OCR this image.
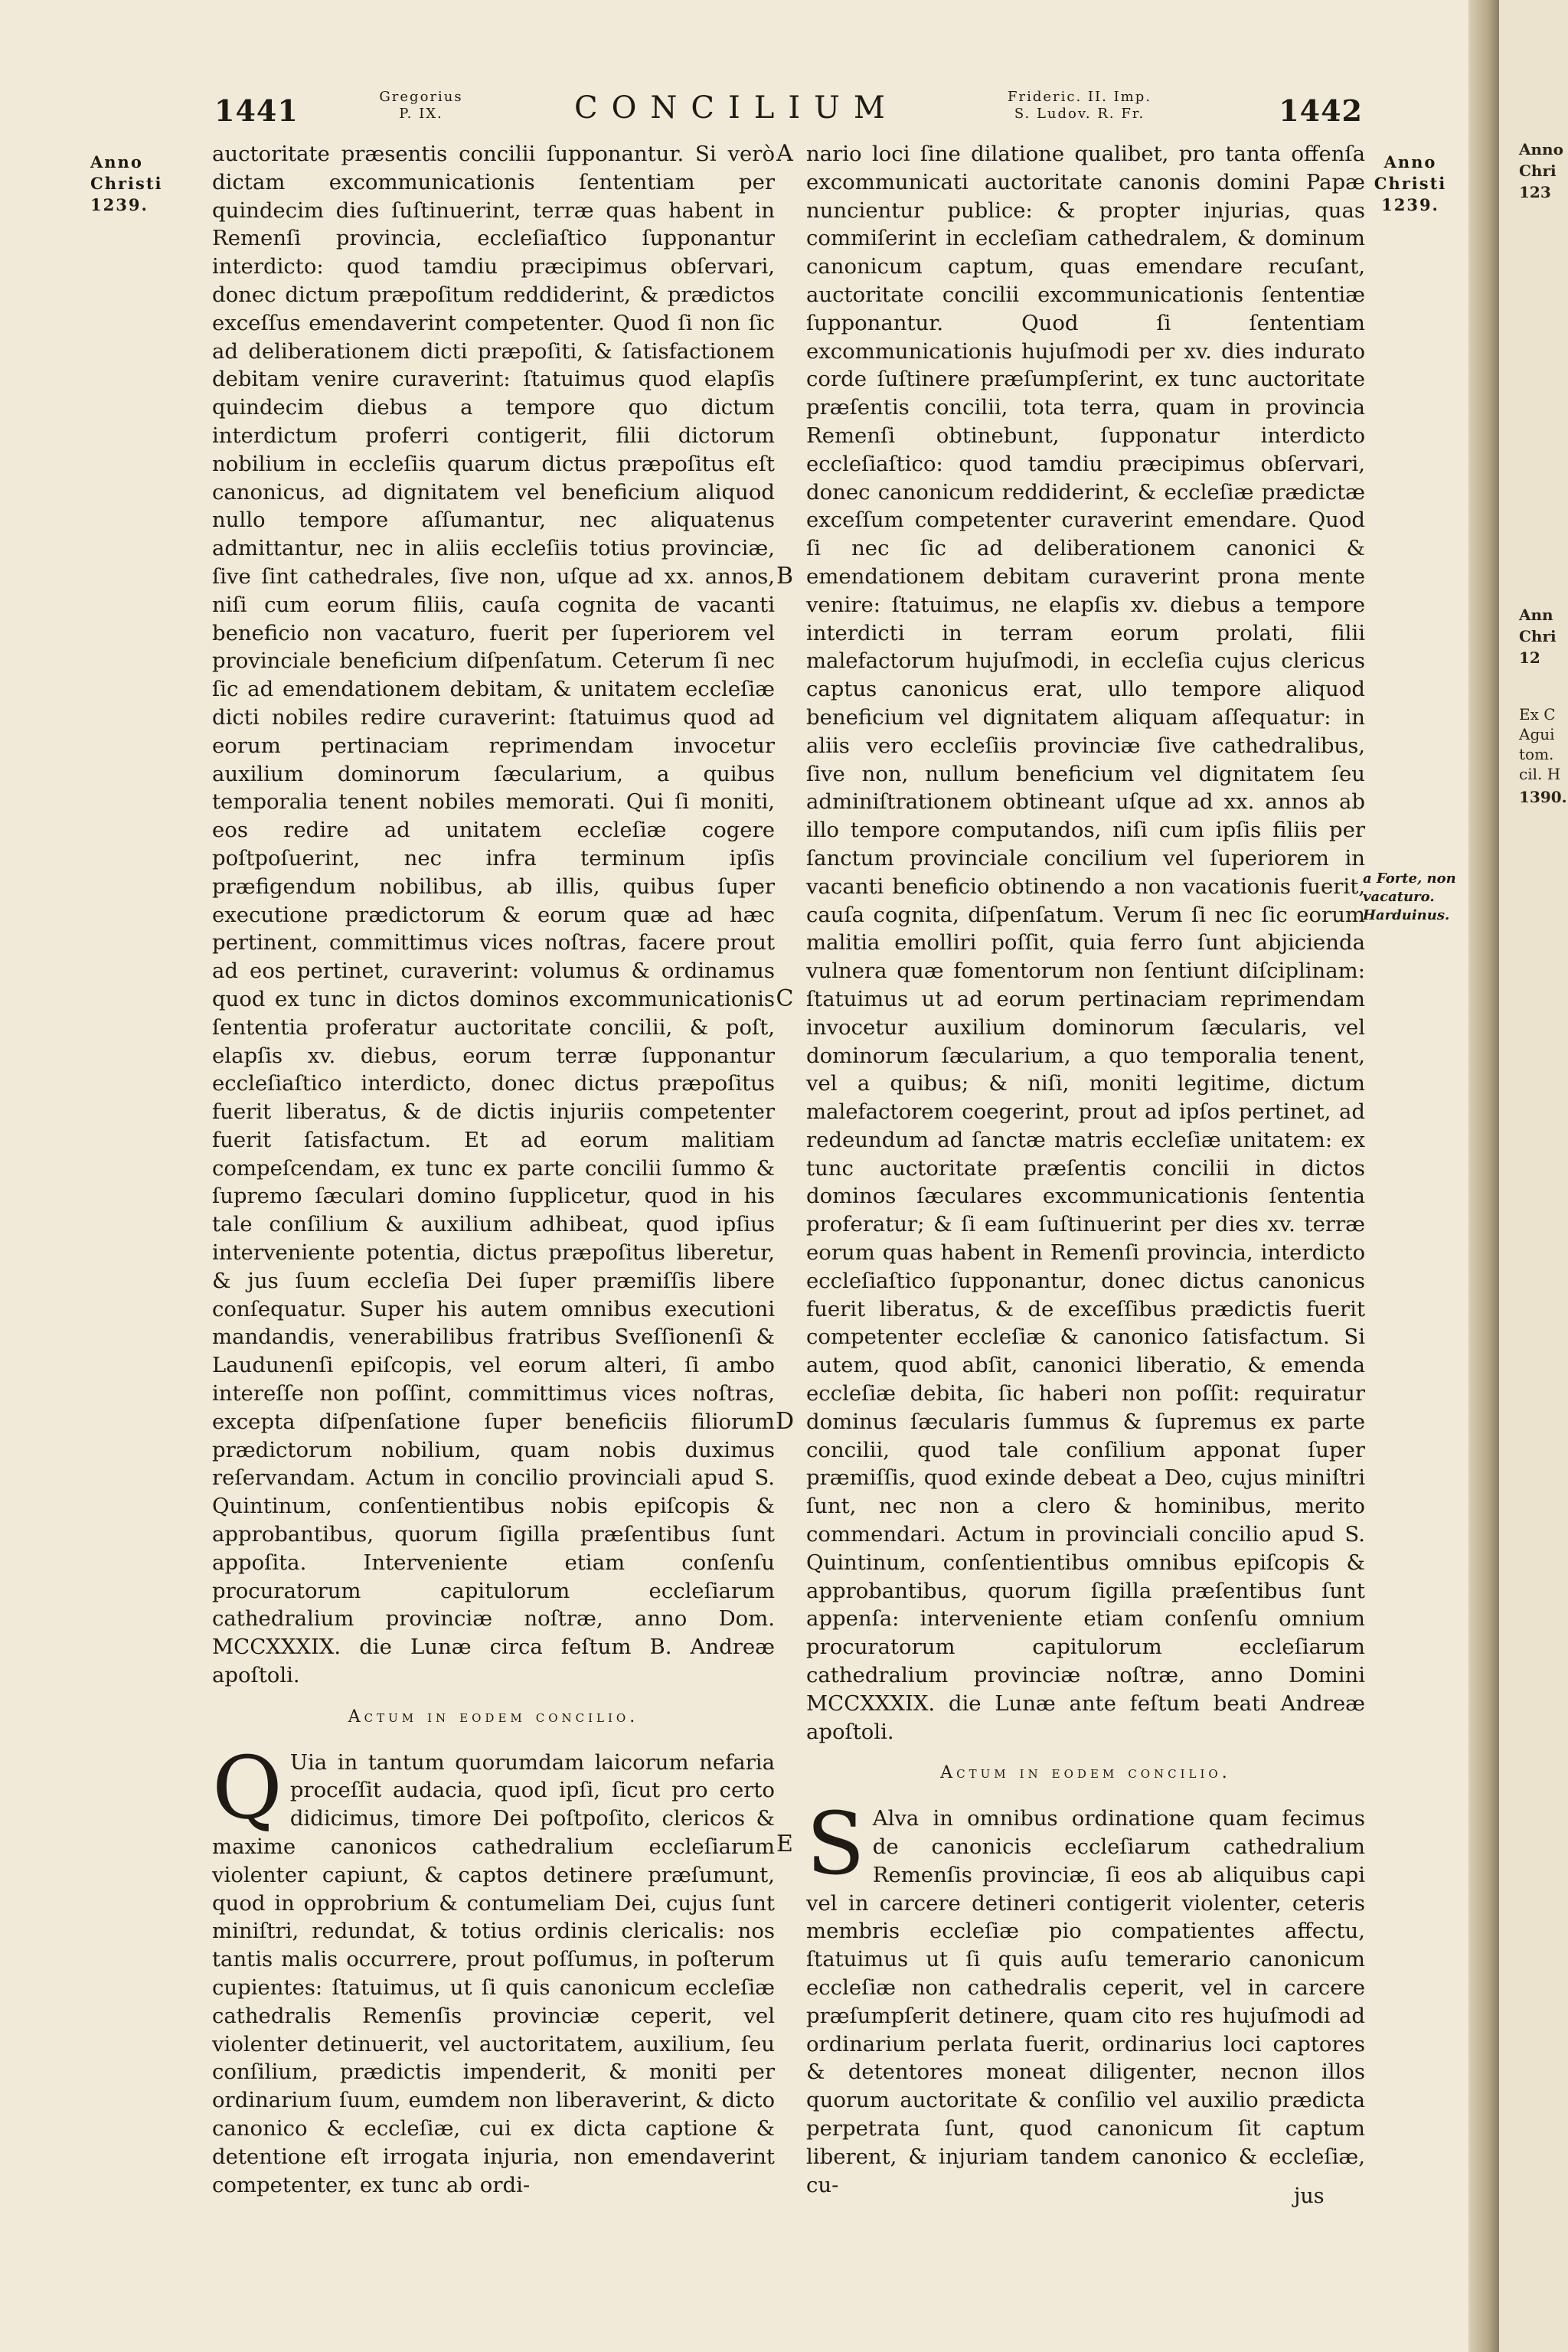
1441	Gregorius
P. IX.	CONCILIUM	Frideric. II. Imp.
S. Ludov. R. Fr.	1442
Anno
Christi
1239.
Anno
Christi
1239.
A
B
C
D
E

auctoritate præsentis concilii ſupponantur. Si verò dictam excommunicationis ſententiam per quindecim dies ſuſtinuerint, terræ quas habent in Remenſi provincia, eccleſiaſtico ſupponantur interdicto: quod tamdiu præcipimus obſervari, donec dictum præpoſitum reddiderint, & prædictos exceſſus emendaverint competenter. Quod ſi non ſic ad deliberationem dicti præpoſiti, & ſatisfactionem debitam venire curaverint: ſtatuimus quod elapſis quindecim diebus a tempore quo dictum interdictum proferri contigerit, filii dictorum nobilium in eccleſiis quarum dictus præpoſitus eſt canonicus, ad dignitatem vel beneficium aliquod nullo tempore aſſumantur, nec aliquatenus admittantur, nec in aliis eccleſiis totius provinciæ, ſive ſint cathedrales, ſive non, uſque ad xx. annos, niſi cum eorum filiis, cauſa cognita de vacanti beneficio non vacaturo, fuerit per ſuperiorem vel provinciale beneficium diſpenſatum. Ceterum ſi nec ſic ad emendationem debitam, & unitatem eccleſiæ dicti nobiles redire curaverint: ſtatuimus quod ad eorum pertinaciam reprimendam invocetur auxilium dominorum ſæcularium, a quibus temporalia tenent nobiles memorati. Qui ſi moniti, eos redire ad unitatem eccleſiæ cogere poſtpoſuerint, nec infra terminum ipſis præfigendum nobilibus, ab illis, quibus ſuper executione prædictorum & eorum quæ ad hæc pertinent, committimus vices noſtras, facere prout ad eos pertinet, curaverint: volumus & ordinamus quod ex tunc in dictos dominos excommunicationis ſententia proferatur auctoritate concilii, & poſt, elapſis xv. diebus, eorum terræ ſupponantur eccleſiaſtico interdicto, donec dictus præpoſitus fuerit liberatus, & de dictis injuriis competenter fuerit ſatisfactum. Et ad eorum malitiam compeſcendam, ex tunc ex parte concilii ſummo & ſupremo ſæculari domino ſupplicetur, quod in his tale conſilium & auxilium adhibeat, quod ipſius interveniente potentia, dictus præpoſitus liberetur, & jus ſuum eccleſia Dei ſuper præmiſſis libere conſequatur. Super his autem omnibus executioni mandandis, venerabilibus fratribus Sveſſionenſi & Laudunenſi epiſcopis, vel eorum alteri, ſi ambo intereſſe non poſſint, committimus vices noſtras, excepta diſpenſatione ſuper beneficiis filiorum prædictorum nobilium, quam nobis duximus reſervandam. Actum in concilio provinciali apud S. Quintinum, conſentientibus nobis epiſcopis & approbantibus, quorum ſigilla præſentibus ſunt appoſita. Interveniente etiam conſenſu procuratorum capitulorum eccleſiarum cathedralium provinciæ noſtræ, anno Dom. MCCXXXIX. die Lunæ circa feſtum B. Andreæ apoſtoli.

Actum in eodem concilio.

Q Uia in tantum quorumdam laicorum nefaria proceſſit audacia, quod ipſi, ſicut pro certo didicimus, timore Dei poſtpoſito, clericos & maxime canonicos cathedralium eccleſiarum violenter capiunt, & captos detinere præſumunt, quod in opprobrium & contumeliam Dei, cujus ſunt miniſtri, redundat, & totius ordinis clericalis: nos tantis malis occurrere, prout poſſumus, in poſterum cupientes: ſtatuimus, ut ſi quis canonicum eccleſiæ cathedralis Remenſis provinciæ ceperit, vel violenter detinuerit, vel auctoritatem, auxilium, ſeu conſilium, prædictis impenderit, & moniti per ordinarium ſuum, eumdem non liberaverint, & dicto canonico & eccleſiæ, cui ex dicta captione & detentione eſt irrogata injuria, non emendaverint competenter, ex tunc ab ordi-

nario loci ſine dilatione qualibet, pro tanta offenſa excommunicati auctoritate canonis domini Papæ nuncientur publice: & propter injurias, quas commiſerint in eccleſiam cathedralem, & dominum canonicum captum, quas emendare recuſant, auctoritate concilii excommunicationis ſententiæ ſupponantur. Quod ſi ſententiam excommunicationis hujuſmodi per xv. dies indurato corde ſuſtinere præſumpſerint, ex tunc auctoritate præſentis concilii, tota terra, quam in provincia Remenſi obtinebunt, ſupponatur interdicto eccleſiaſtico: quod tamdiu præcipimus obſervari, donec canonicum reddiderint, & eccleſiæ prædictæ exceſſum competenter curaverint emendare. Quod ſi nec ſic ad deliberationem canonici & emendationem debitam curaverint prona mente venire: ſtatuimus, ne elapſis xv. diebus a tempore interdicti in terram eorum prolati, filii malefactorum hujuſmodi, in eccleſia cujus clericus captus canonicus erat, ullo tempore aliquod beneficium vel dignitatem aliquam aſſequatur: in aliis vero eccleſiis provinciæ ſive cathedralibus, ſive non, nullum beneficium vel dignitatem ſeu adminiſtrationem obtineant uſque ad xx. annos ab illo tempore computandos, niſi cum ipſis filiis per ſanctum provinciale concilium vel ſuperiorem in vacanti beneficio obtinendo a non vacationis fuerit, cauſa cognita, diſpenſatum. Verum ſi nec ſic eorum malitia emolliri poſſit, quia ferro ſunt abjicienda vulnera quæ fomentorum non ſentiunt diſciplinam: ſtatuimus ut ad eorum pertinaciam reprimendam invocetur auxilium dominorum ſæcularis, vel dominorum ſæcularium, a quo temporalia tenent, vel a quibus; & niſi, moniti legitime, dictum malefactorem coegerint, prout ad ipſos pertinet, ad redeundum ad ſanctæ matris eccleſiæ unitatem: ex tunc auctoritate præſentis concilii in dictos dominos ſæculares excommunicationis ſententia proferatur; & ſi eam ſuſtinuerint per dies xv. terræ eorum quas habent in Remenſi provincia, interdicto eccleſiaſtico ſupponantur, donec dictus canonicus fuerit liberatus, & de exceſſibus prædictis fuerit competenter eccleſiæ & canonico ſatisfactum. Si autem, quod abſit, canonici liberatio, & emenda eccleſiæ debita, ſic haberi non poſſit: requiratur dominus ſæcularis ſummus & ſupremus ex parte concilii, quod tale conſilium apponat ſuper præmiſſis, quod exinde debeat a Deo, cujus miniſtri ſunt, nec non a clero & hominibus, merito commendari. Actum in provinciali concilio apud S. Quintinum, conſentientibus omnibus epiſcopis & approbantibus, quorum ſigilla præſentibus ſunt appenſa: interveniente etiam conſenſu omnium procuratorum capitulorum eccleſiarum cathedralium provinciæ noſtræ, anno Domini MCCXXXIX. die Lunæ ante feſtum beati Andreæ apoſtoli.

Actum in eodem concilio.

S Alva in omnibus ordinatione quam fecimus de canonicis eccleſiarum cathedralium Remenſis provinciæ, ſi eos ab aliquibus capi vel in carcere detineri contigerit violenter, ceteris membris eccleſiæ pio compatientes affectu, ſtatuimus ut ſi quis auſu temerario canonicum eccleſiæ non cathedralis ceperit, vel in carcere præſumpſerit detinere, quam cito res hujuſmodi ad ordinarium perlata fuerit, ordinarius loci captores & detentores moneat diligenter, necnon illos quorum auctoritate & conſilio vel auxilio prædicta perpetrata ſunt, quod canonicum ſit captum liberent, & injuriam tandem canonico & eccleſiæ, cu-

a Forte, non vacaturo. Harduinus.
jus
Anno
Chri
123
Ann
Chri
12
Ex C
Agui
tom.
cil. H
1390.
